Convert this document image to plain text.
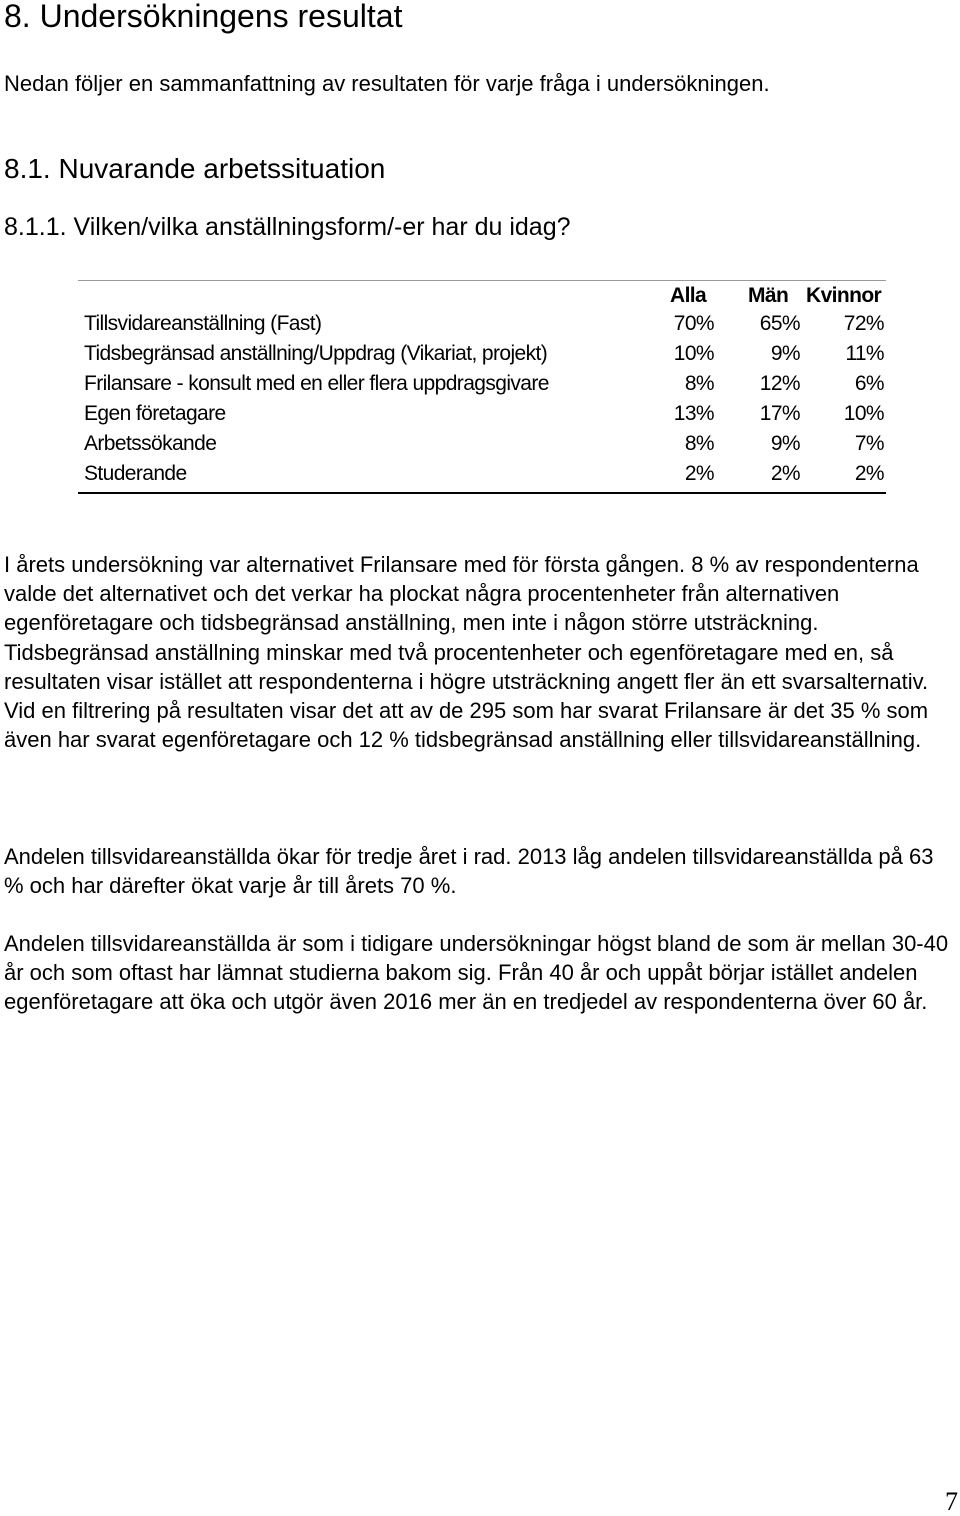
8. Undersökningens resultat

Nedan följer en sammanfattning av resultaten för varje fråga i undersökningen.

8.1. Nuvarande arbetssituation
8.1.1. Vilken/vilka anställningsform/-er har du idag?
Alla Män Kvinnor
Tillsvidareanställning (Fast)	70% 65% 72%
Tidsbegränsad anställning/Uppdrag (Vikariat, projekt)	10%	9% 11%
Frilansare - konsult med en eller flera uppdragsgivare	8% 12%	6%
Egen företagare	13% 17% 10%
Arbetssökande	8%	9%	7%
Studerande	2%	2%	2%

I årets undersökning var alternativet Frilansare med för första gången. 8 % av respondenterna valde det alternativet och det verkar ha plockat några procentenheter från alternativen egenföretagare och tidsbegränsad anställning, men inte i någon större utsträckning. Tidsbegränsad anställning minskar med två procentenheter och egenföretagare med en, så resultaten visar istället att respondenterna i högre utsträckning angett fler än ett svarsalternativ. Vid en filtrering på resultaten visar det att av de 295 som har svarat Frilansare är det 35 % som även har svarat egenföretagare och 12 % tidsbegränsad anställning eller tillsvidareanställning.

Andelen tillsvidareanställda ökar för tredje året i rad. 2013 låg andelen tillsvidareanställda på 63 % och har därefter ökat varje år till årets 70 %.

Andelen tillsvidareanställda är som i tidigare undersökningar högst bland de som är mellan 30-40 år och som oftast har lämnat studierna bakom sig. Från 40 år och uppåt börjar istället andelen egenföretagare att öka och utgör även 2016 mer än en tredjedel av respondenterna över 60 år.

7
